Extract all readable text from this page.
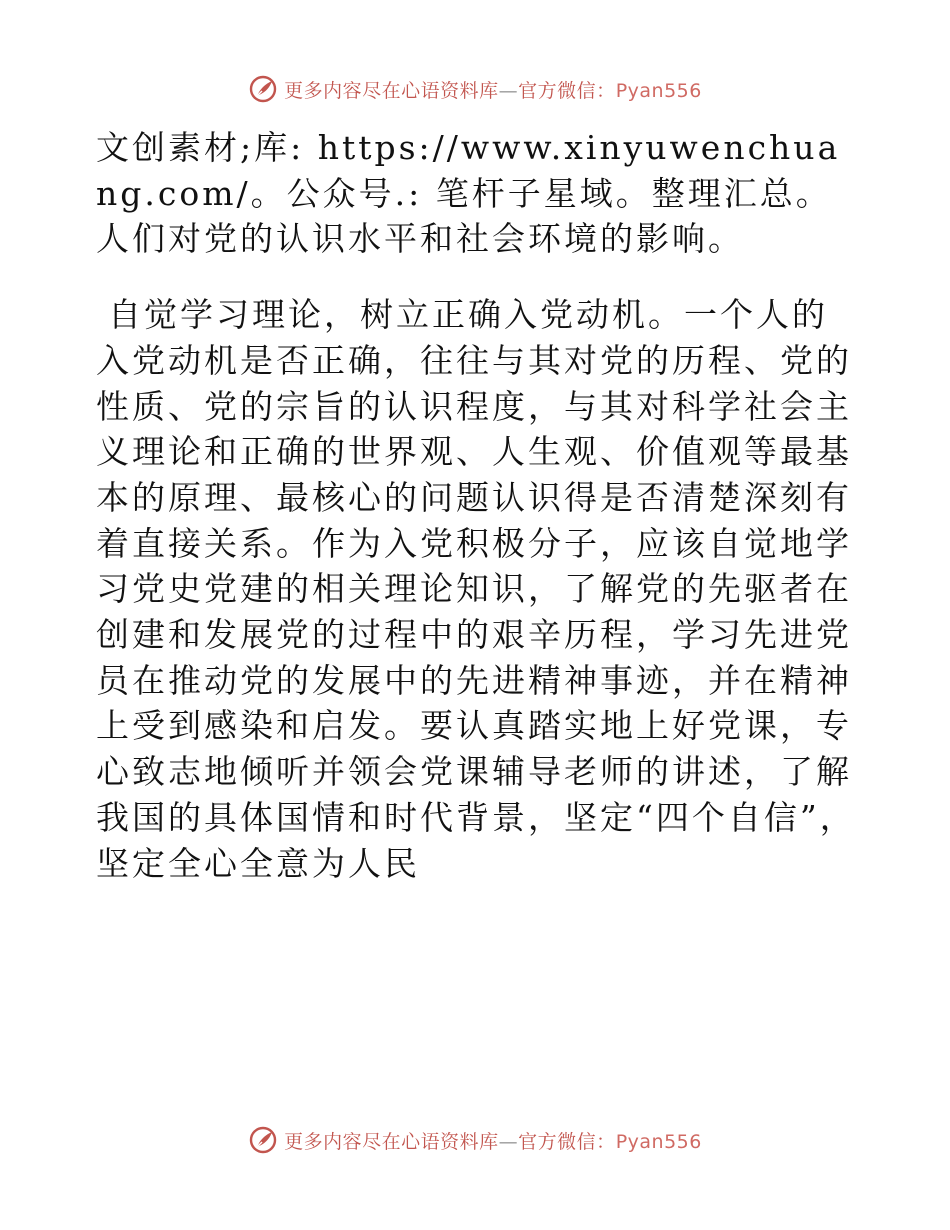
更多内容尽在心语资料库—官方微信：Pyan556

文创素材;库: https://www.xinyuwenchuang.com/。公众号.: 笔杆子星域。整理汇总。人们对党的认识水平和社会环境的影响。

自觉学习理论，树立正确入党动机。一个人的入党动机是否正确，往往与其对党的历程、党的性质、党的宗旨的认识程度，与其对科学社会主义理论和正确的世界观、人生观、价值观等最基本的原理、最核心的问题认识得是否清楚深刻有着直接关系。作为入党积极分子，应该自觉地学习党史党建的相关理论知识，了解党的先驱者在创建和发展党的过程中的艰辛历程，学习先进党员在推动党的发展中的先进精神事迹，并在精神上受到感染和启发。要认真踏实地上好党课，专心致志地倾听并领会党课辅导老师的讲述，了解我国的具体国情和时代背景，坚定“四个自信”，坚定全心全意为人民

更多内容尽在心语资料库—官方微信：Pyan556
